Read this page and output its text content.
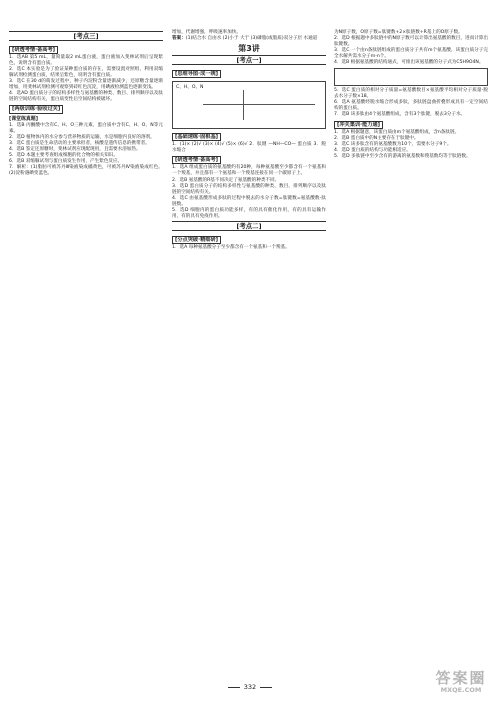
[考点三]
[研透考情·备高考]

1．选AB 第5 mL，量筒量取2 mL蛋白液，蛋白液加入斐林试剂后呈现紫色，说明含有蛋白质。

2．选C 本实验是为了验证某种蛋白质的存在，需要设置对照组，利用双缩脲试剂检测蛋白质，结果呈紫色，说明含有蛋白质。

3．选C 在30 d的萌发过程中，种子内淀粉含量逐渐减少，还原糖含量逐渐增加，用斐林试剂检测可观察到砖红色沉淀，用碘液检测蓝色逐渐变浅。

4．选AD 蛋白质分子的结构多样性与氨基酸的种类、数目、排列顺序以及肽链的空间结构有关，蛋白质变性后空间结构被破坏。

[两级训练·验收过关]
[课堂练真题]

1．选B 丙酮酸中含有C、H、O三种元素，蛋白质中含有C、H、O、N等元素。

2．选D 植物体内的水分参与营养物质的运输，水是细胞内良好的溶剂。

3．选C 蛋白质是生命活动的主要承担者，核酸是遗传信息的携带者。

4．选B 鉴定还原糖时，斐林试剂应现配现用，且需要水浴加热。

5．选D 本题主要考查组成细胞的化合物的相关知识。

6．选B 双缩脲试剂与蛋白质发生作用，产生紫色反应。

7．解析：(1)脂肪可被苏丹Ⅲ染液染成橘黄色，可被苏丹Ⅳ染液染成红色。(2)淀粉遇碘变蓝色。

增加，代谢增强，呼吸速率加快。

答案：(1)结合水 自由水 (2)小于 大于 (3)磷脂(或脂质)双分子层 水通道

第3讲
[考点一]
[思维导图·成一统]
C、H、O、N
[基础速练·固根基]

1．(1)× (2)√ (3)× (4)√ (5)× (6)√ 2．肽键 —NH—CO— 蛋白质 3．脱水缩合

[研透考情·备高考]

1．选A 组成蛋白质的氨基酸约有20种，每种氨基酸至少都含有一个氨基和一个羧基，并且都有一个氨基和一个羧基连接在同一个碳原子上。

2．选B 氨基酸的R基不同决定了氨基酸的种类不同。

3．选D 蛋白质分子的结构多样性与氨基酸的种类、数目、排列顺序以及肽链的空间结构有关。

4．选C 由氨基酸形成多肽的过程中脱去的水分子数=肽键数=氨基酸数-肽链数。

5．选D 细胞内的蛋白质功能多样，有的具有催化作用，有的具有运输作用，有的具有免疫作用。

[考点二]
[分点突破·精细研]

1．选A 每种氨基酸分子至少都含有一个氨基和一个羧基。

为N原子数，O原子数=肽键数+2×肽链数+R基上的O原子数。

2．选D 根据题中多肽链中的N原子数可以计算出氨基酸的数目，进而计算出肽键数。

3．选C 一个由n条肽链组成的蛋白质分子共有m个氨基酸，该蛋白质分子完全水解共需水分子m-n个。

4．选B 根据氨基酸的结构通式，可推出该氨基酸的分子式为C5H9O4N。

5．选C 蛋白质的相对分子质量=氨基酸数目×氨基酸平均相对分子质量-脱去水分子数×18。

6．选A 氨基酸经脱水缩合形成多肽，多肽链盘曲折叠形成具有一定空间结构的蛋白质。

7．选B 该多肽由4个氨基酸组成，含有3个肽键，脱去3分子水。

[冲关集训·能力通]

1．选A 根据题意，该蛋白质由m个氨基酸组成，含n条肽链。

2．选B 蛋白质中的N主要存在于肽键中。

3．选C 该多肽含有的氨基酸数为10个，需要水分子9个。

4．选D 蛋白质的结构与功能相适应。

5．选D 多肽链中至少含有的游离的氨基数和羧基数均等于肽链数。

332	答案圈
MXQE.COM
